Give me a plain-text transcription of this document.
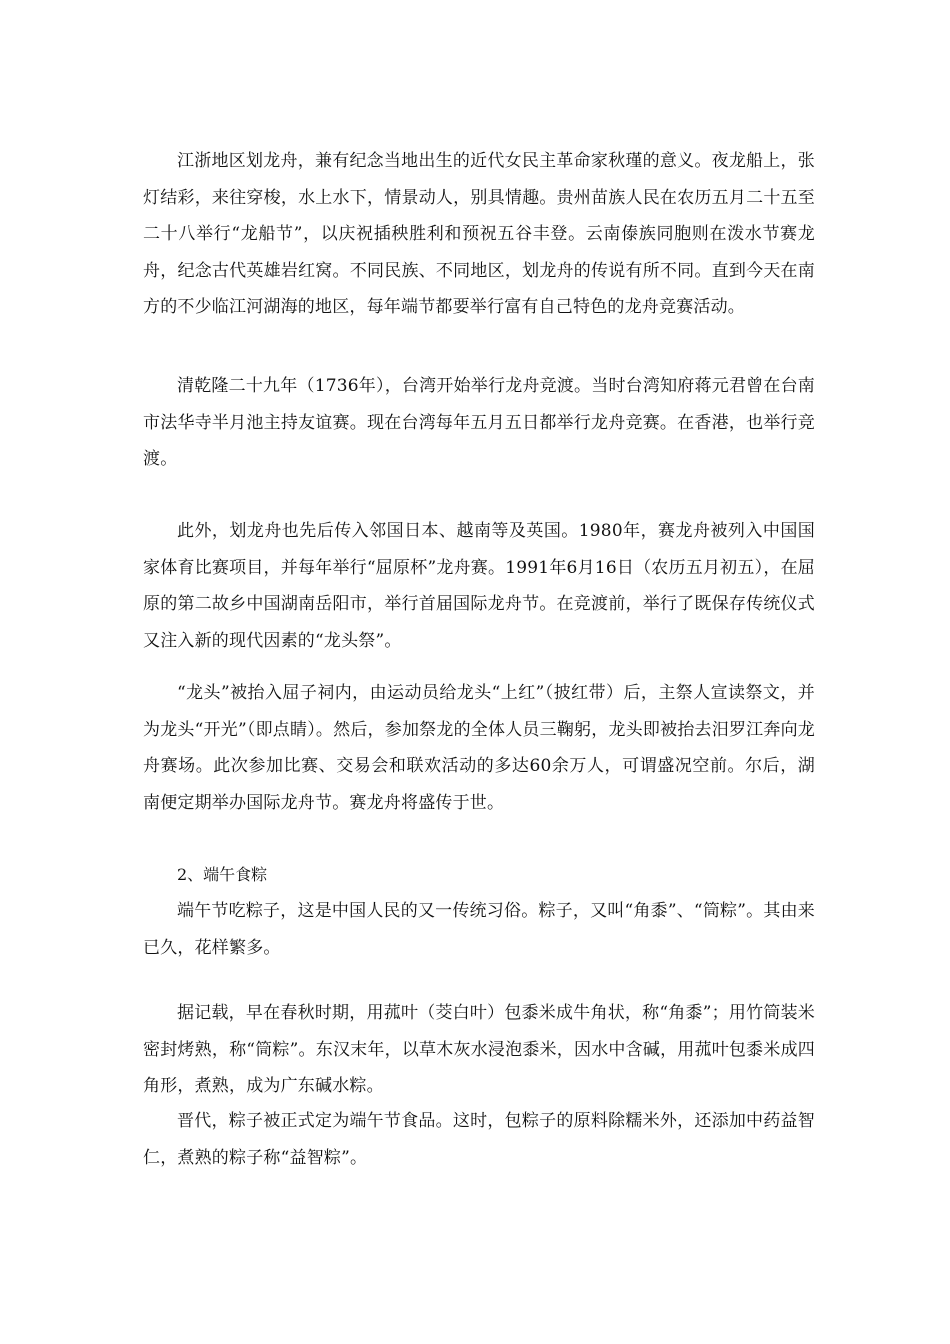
江浙地区划龙舟，兼有纪念当地出生的近代女民主革命家秋瑾的意义。夜龙船上，张灯结彩，来往穿梭，水上水下，情景动人，别具情趣。贵州苗族人民在农历五月二十五至二十八举行“龙船节”，以庆祝插秧胜利和预祝五谷丰登。云南傣族同胞则在泼水节赛龙舟，纪念古代英雄岩红窝。不同民族、不同地区，划龙舟的传说有所不同。直到今天在南方的不少临江河湖海的地区，每年端节都要举行富有自己特色的龙舟竞赛活动。

清乾隆二十九年（1736年），台湾开始举行龙舟竞渡。当时台湾知府蒋元君曾在台南市法华寺半月池主持友谊赛。现在台湾每年五月五日都举行龙舟竞赛。在香港，也举行竞渡。

此外，划龙舟也先后传入邻国日本、越南等及英国。1980年，赛龙舟被列入中国国家体育比赛项目，并每年举行“屈原杯”龙舟赛。1991年6月16日（农历五月初五），在屈原的第二故乡中国湖南岳阳市，举行首届国际龙舟节。在竞渡前，举行了既保存传统仪式又注入新的现代因素的“龙头祭”。

“龙头”被抬入屈子祠内，由运动员给龙头“上红”（披红带）后，主祭人宣读祭文，并为龙头“开光”（即点睛）。然后，参加祭龙的全体人员三鞠躬，龙头即被抬去汨罗江奔向龙舟赛场。此次参加比赛、交易会和联欢活动的多达60余万人，可谓盛况空前。尔后，湖南便定期举办国际龙舟节。赛龙舟将盛传于世。

2、端午食粽

端午节吃粽子，这是中国人民的又一传统习俗。粽子，又叫“角黍”、“筒粽”。其由来已久，花样繁多。

据记载，早在春秋时期，用菰叶（茭白叶）包黍米成牛角状，称“角黍”；用竹筒装米密封烤熟，称“筒粽”。东汉末年，以草木灰水浸泡黍米，因水中含碱，用菰叶包黍米成四角形，煮熟，成为广东碱水粽。

晋代，粽子被正式定为端午节食品。这时，包粽子的原料除糯米外，还添加中药益智仁，煮熟的粽子称“益智粽”。
